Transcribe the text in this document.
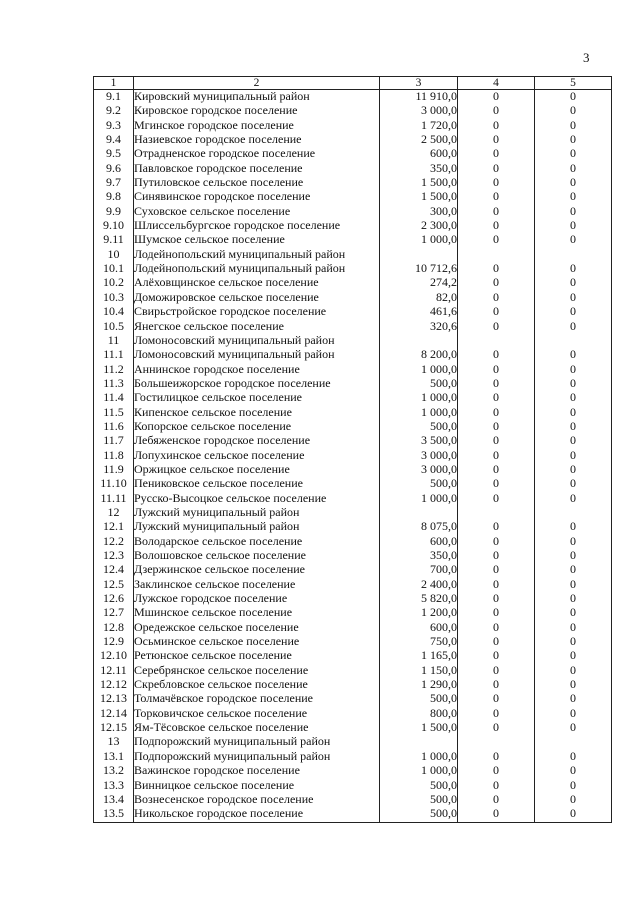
3
1	2	3	4	5
9.1	Кировский муниципальный район	11 910,0	0	0
9.2	Кировское городское поселение	3 000,0	0	0
9.3	Мгинское городское поселение	1 720,0	0	0
9.4	Назиевское городское поселение	2 500,0	0	0
9.5	Отрадненское городское поселение	600,0	0	0
9.6	Павловское городское поселение	350,0	0	0
9.7	Путиловское сельское поселение	1 500,0	0	0
9.8	Синявинское городское поселение	1 500,0	0	0
9.9	Суховское сельское поселение	300,0	0	0
9.10	Шлиссельбургское городское поселение	2 300,0	0	0
9.11	Шумское сельское поселение	1 000,0	0	0
10	Лодейнопольский муниципальный район			
10.1	Лодейнопольский муниципальный район	10 712,6	0	0
10.2	Алёховщинское сельское поселение	274,2	0	0
10.3	Доможировское сельское поселение	82,0	0	0
10.4	Свирьстройское городское поселение	461,6	0	0
10.5	Янегское сельское поселение	320,6	0	0
11	Ломоносовский муниципальный район			
11.1	Ломоносовский муниципальный район	8 200,0	0	0
11.2	Аннинское городское поселение	1 000,0	0	0
11.3	Большеижорское городское поселение	500,0	0	0
11.4	Гостилицкое сельское поселение	1 000,0	0	0
11.5	Кипенское сельское поселение	1 000,0	0	0
11.6	Копорское сельское поселение	500,0	0	0
11.7	Лебяженское городское поселение	3 500,0	0	0
11.8	Лопухинское сельское поселение	3 000,0	0	0
11.9	Оржицкое сельское поселение	3 000,0	0	0
11.10	Пениковское сельское поселение	500,0	0	0
11.11	Русско-Высоцкое сельское поселение	1 000,0	0	0
12	Лужский муниципальный район			
12.1	Лужский муниципальный район	8 075,0	0	0
12.2	Володарское сельское поселение	600,0	0	0
12.3	Волошовское сельское поселение	350,0	0	0
12.4	Дзержинское сельское поселение	700,0	0	0
12.5	Заклинское сельское поселение	2 400,0	0	0
12.6	Лужское городское поселение	5 820,0	0	0
12.7	Мшинское сельское поселение	1 200,0	0	0
12.8	Оредежское сельское поселение	600,0	0	0
12.9	Осьминское сельское поселение	750,0	0	0
12.10	Ретюнское сельское поселение	1 165,0	0	0
12.11	Серебрянское сельское поселение	1 150,0	0	0
12.12	Скребловское сельское поселение	1 290,0	0	0
12.13	Толмачёвское городское поселение	500,0	0	0
12.14	Торковичское сельское поселение	800,0	0	0
12.15	Ям-Тёсовское сельское поселение	1 500,0	0	0
13	Подпорожский муниципальный район			
13.1	Подпорожский муниципальный район	1 000,0	0	0
13.2	Важинское городское поселение	1 000,0	0	0
13.3	Винницкое сельское поселение	500,0	0	0
13.4	Вознесенское городское поселение	500,0	0	0
13.5	Никольское городское поселение	500,0	0	0
